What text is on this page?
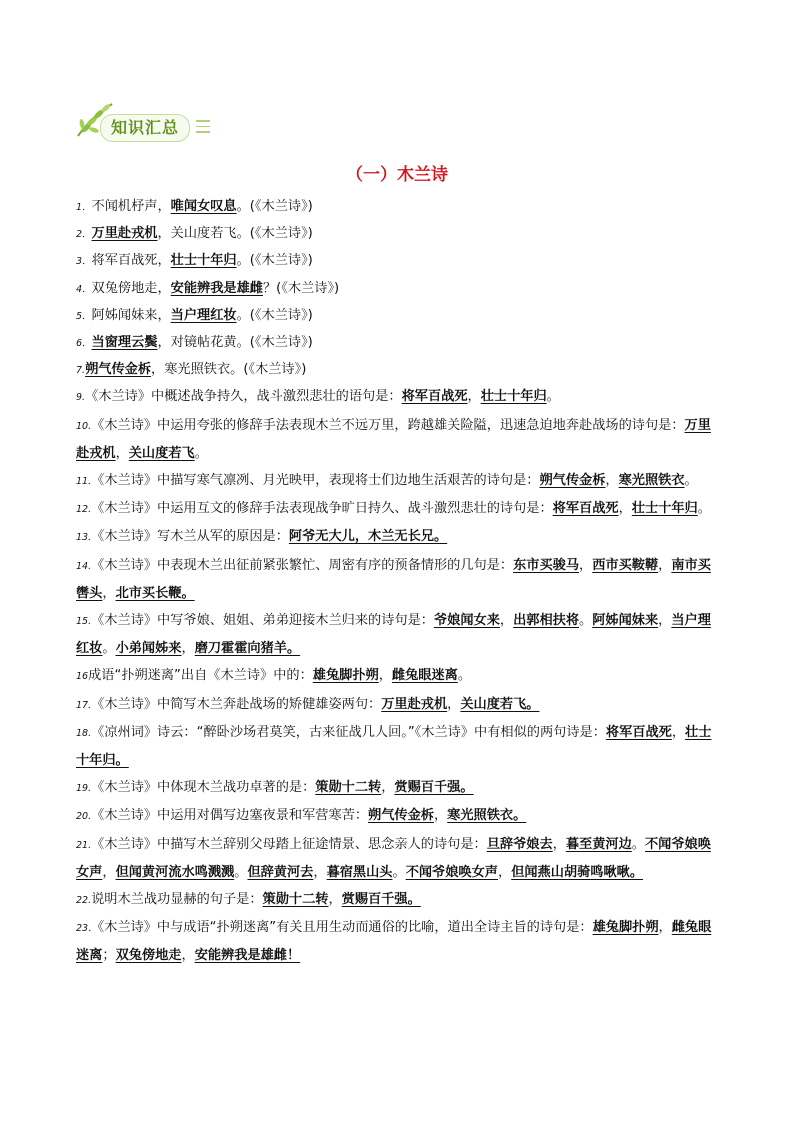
知识汇总
（一）木兰诗

1．不闻机杼声，唯闻女叹息。(《木兰诗》)

2．万里赴戎机，关山度若飞。(《木兰诗》)

3．将军百战死，壮士十年归。(《木兰诗》)

4．双兔傍地走，安能辨我是雄雌？(《木兰诗》)

5．阿姊闻妹来，当户理红妆。(《木兰诗》)

6．当窗理云鬓，对镜帖花黄。(《木兰诗》)

7.朔气传金柝，寒光照铁衣。(《木兰诗》)

9.《木兰诗》中概述战争持久，战斗激烈悲壮的语句是：将军百战死，壮士十年归。

10.《木兰诗》中运用夸张的修辞手法表现木兰不远万里，跨越雄关险隘，迅速急迫地奔赴战场的诗句是：万里赴戎机，关山度若飞。

11.《木兰诗》中描写寒气凛冽、月光映甲，表现将士们边地生活艰苦的诗句是：朔气传金柝，寒光照铁衣。

12.《木兰诗》中运用互文的修辞手法表现战争旷日持久、战斗激烈悲壮的诗句是：将军百战死，壮士十年归。

13.《木兰诗》写木兰从军的原因是：阿爷无大儿，木兰无长兄。

14.《木兰诗》中表现木兰出征前紧张繁忙、周密有序的预备情形的几句是：东市买骏马，西市买鞍鞯，南市买辔头，北市买长鞭。

15.《木兰诗》中写爷娘、姐姐、弟弟迎接木兰归来的诗句是：爷娘闻女来，出郭相扶将。阿姊闻妹来，当户理红妆。小弟闻姊来，磨刀霍霍向猪羊。

16成语“扑朔迷离”出自《木兰诗》中的：雄兔脚扑朔，雌兔眼迷离。

17.《木兰诗》中简写木兰奔赴战场的矫健雄姿两句：万里赴戎机，关山度若飞。

18.《凉州词》诗云：“醉卧沙场君莫笑，古来征战几人回。”《木兰诗》中有相似的两句诗是：将军百战死，壮士十年归。

19.《木兰诗》中体现木兰战功卓著的是：策勋十二转，赏赐百千强。

20.《木兰诗》中运用对偶写边塞夜景和军营寒苦：朔气传金柝，寒光照铁衣。

21.《木兰诗》中描写木兰辞别父母踏上征途情景、思念亲人的诗句是：旦辞爷娘去，暮至黄河边。不闻爷娘唤女声，但闻黄河流水鸣溅溅。但辞黄河去，暮宿黑山头。不闻爷娘唤女声，但闻燕山胡骑鸣啾啾。

22.说明木兰战功显赫的句子是：策勋十二转，赏赐百千强。

23．《木兰诗》中与成语“扑朔迷离”有关且用生动而通俗的比喻，道出全诗主旨的诗句是：雄兔脚扑朔，雌兔眼迷离；双兔傍地走，安能辨我是雄雌！
